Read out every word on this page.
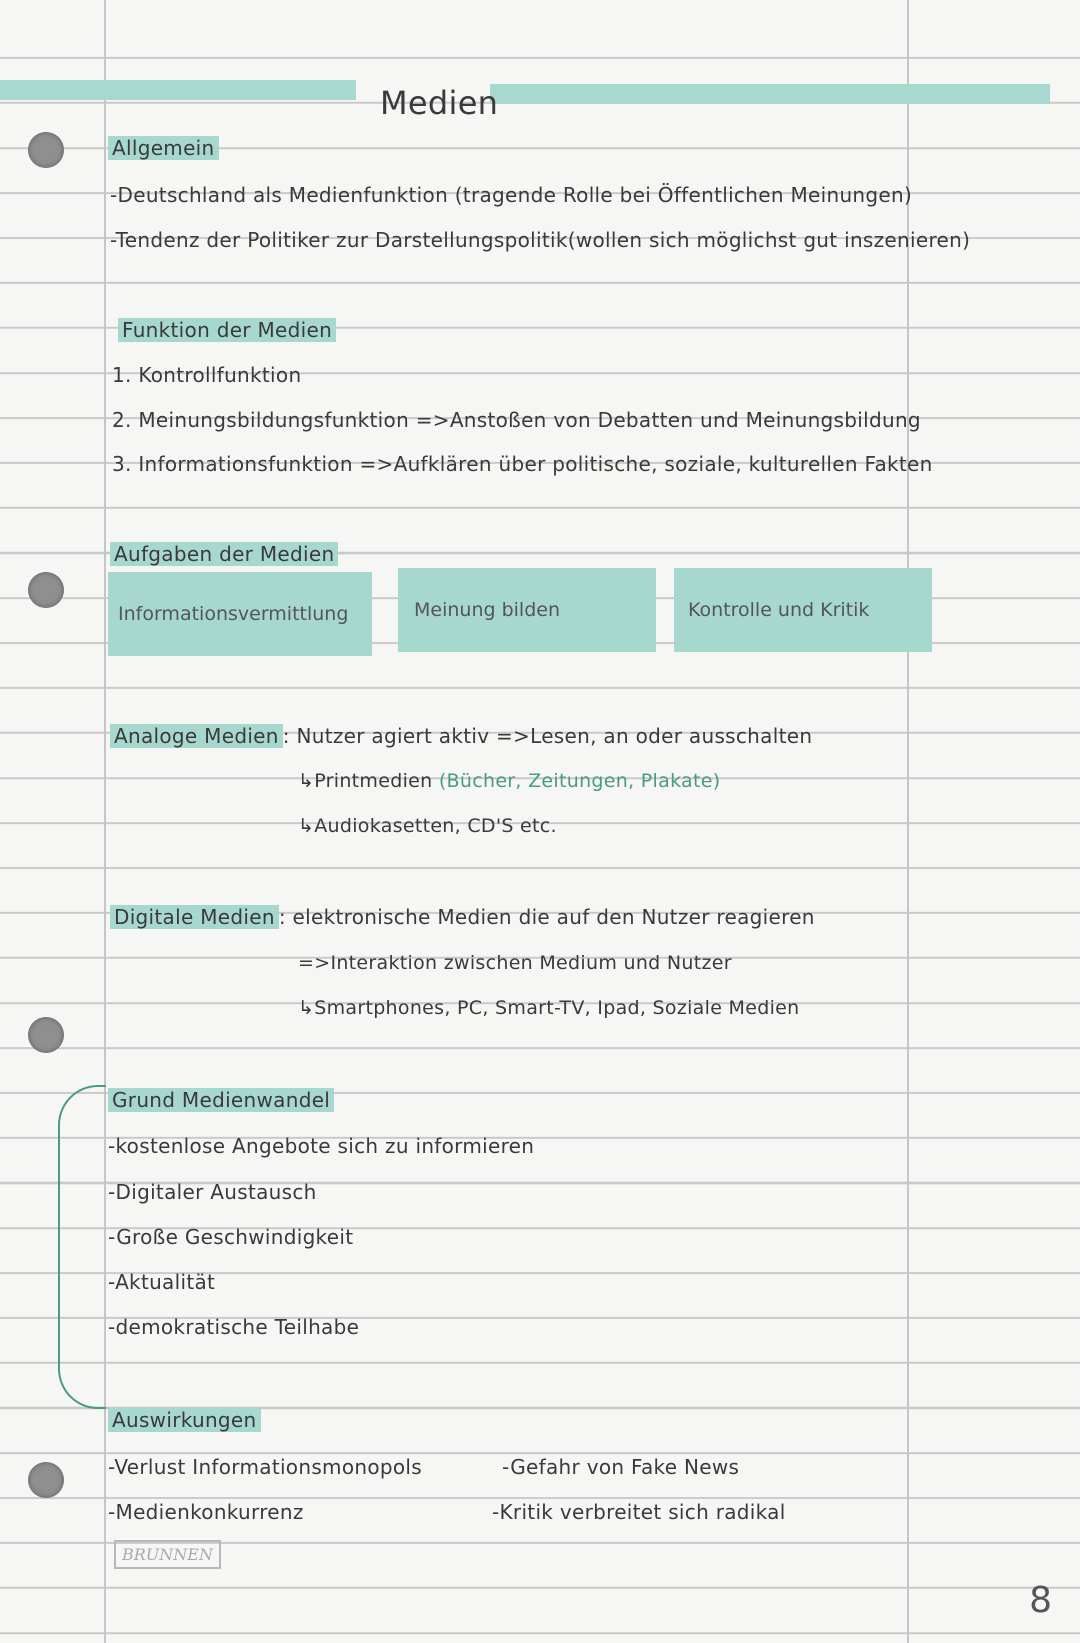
Medien
Allgemein
-Deutschland als Medienfunktion (tragende Rolle bei Öffentlichen Meinungen)
-Tendenz der Politiker zur Darstellungspolitik(wollen sich möglichst gut inszenieren)
Funktion der Medien
1. Kontrollfunktion
2. Meinungsbildungsfunktion =>Anstoßen von Debatten und Meinungsbildung
3. Informationsfunktion =>Aufklären über politische, soziale, kulturellen Fakten
Aufgaben der Medien
Informationsvermittlung	Meinung bilden	Kontrolle und Kritik
Analoge Medien : Nutzer agiert aktiv =>Lesen, an oder ausschalten
↳Printmedien (Bücher, Zeitungen, Plakate)
↳Audiokasetten, CD'S etc.
Digitale Medien : elektronische Medien die auf den Nutzer reagieren
=>Interaktion zwischen Medium und Nutzer
↳Smartphones, PC, Smart-TV, Ipad, Soziale Medien
Grund Medienwandel
-kostenlose Angebote sich zu informieren
-Digitaler Austausch
-Große Geschwindigkeit
-Aktualität
-demokratische Teilhabe
Auswirkungen
-Verlust Informationsmonopols
-Medienkonkurrenz
-Gefahr von Fake News
-Kritik verbreitet sich radikal
BRUNNEN
8
